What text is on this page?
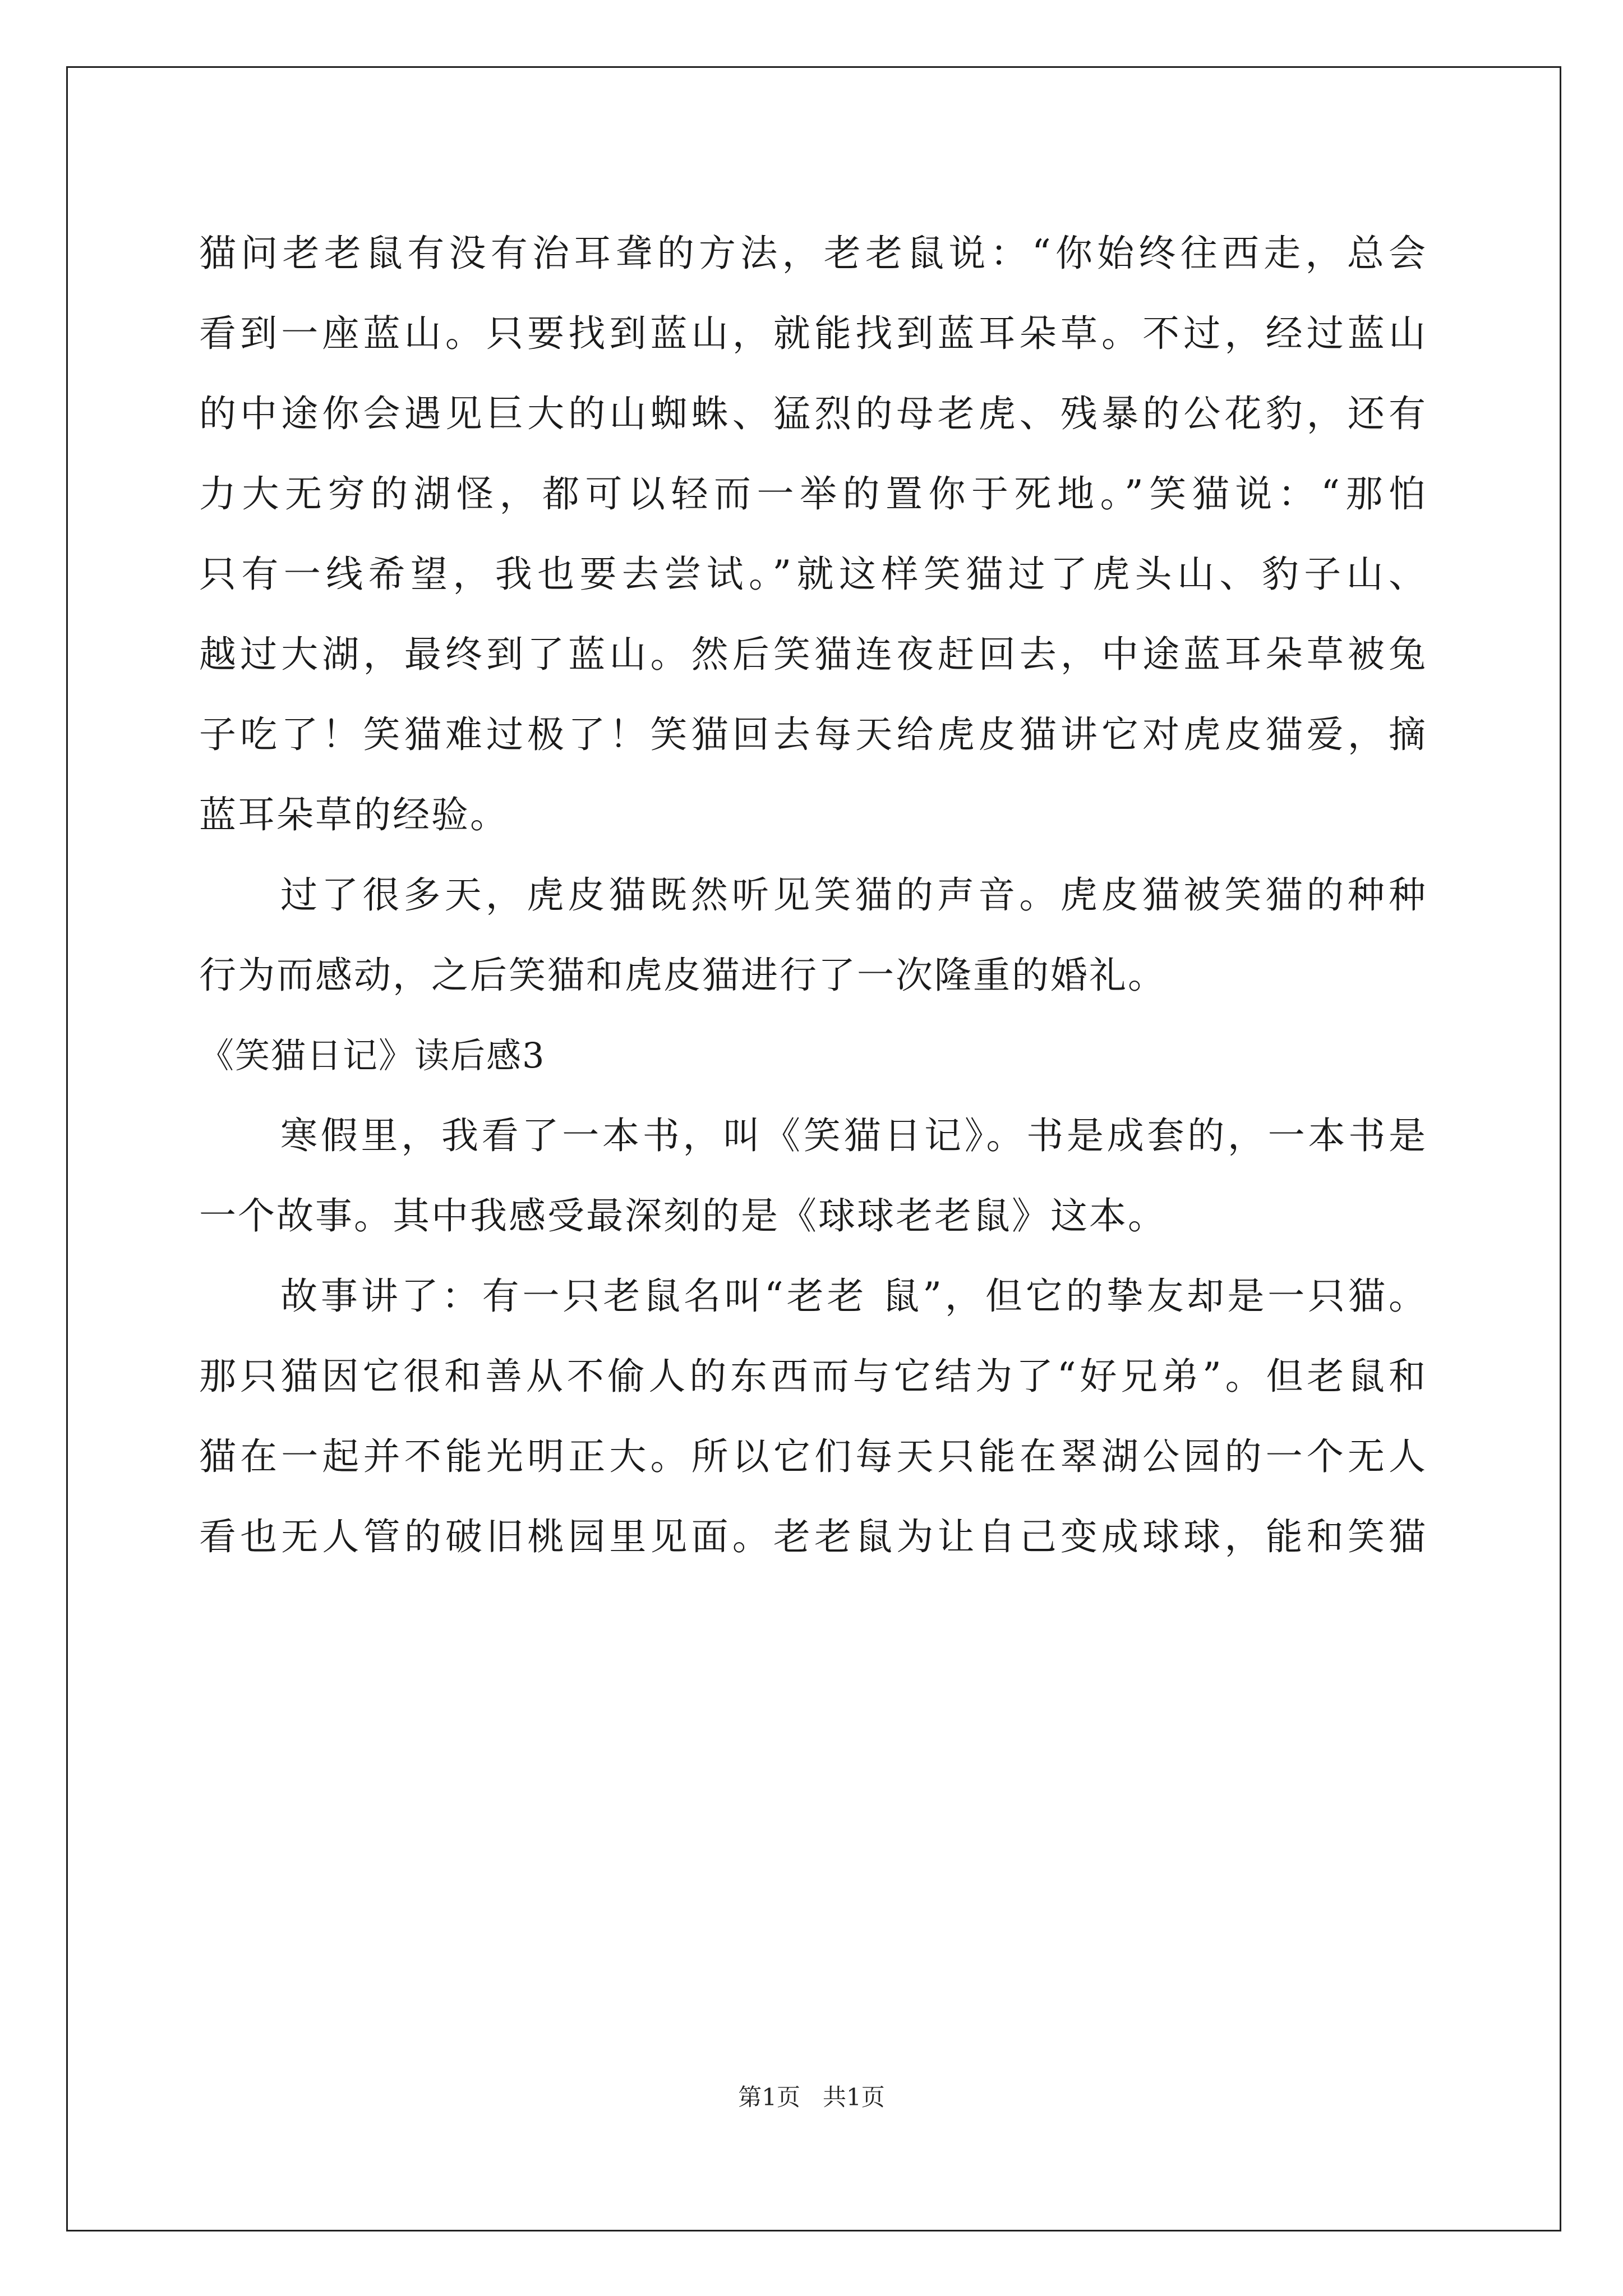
猫问老老鼠有没有治耳聋的方法，老老鼠说：“你始终往西走，总会
看到一座蓝山。只要找到蓝山，就能找到蓝耳朵草。不过，经过蓝山
的中途你会遇见巨大的山蜘蛛、猛烈的母老虎、残暴的公花豹，还有
力大无穷的湖怪，都可以轻而一举的置你于死地。”笑猫说：“那怕
只有一线希望，我也要去尝试。”就这样笑猫过了虎头山、豹子山、
越过大湖，最终到了蓝山。然后笑猫连夜赶回去，中途蓝耳朵草被兔
子吃了！笑猫难过极了！笑猫回去每天给虎皮猫讲它对虎皮猫爱，摘
蓝耳朵草的经验。
过了很多天，虎皮猫既然听见笑猫的声音。虎皮猫被笑猫的种种
行为而感动，之后笑猫和虎皮猫进行了一次隆重的婚礼。
《笑猫日记》读后感3
寒假里，我看了一本书，叫《笑猫日记》。书是成套的，一本书是
一个故事。其中我感受最深刻的是《球球老老鼠》这本。
故事讲了：有一只老鼠名叫“老老 鼠”，但它的挚友却是一只猫。
那只猫因它很和善从不偷人的东西而与它结为了“好兄弟”。但老鼠和
猫在一起并不能光明正大。所以它们每天只能在翠湖公园的一个无人
看也无人管的破旧桃园里见面。老老鼠为让自己变成球球，能和笑猫
第1页 共1页
